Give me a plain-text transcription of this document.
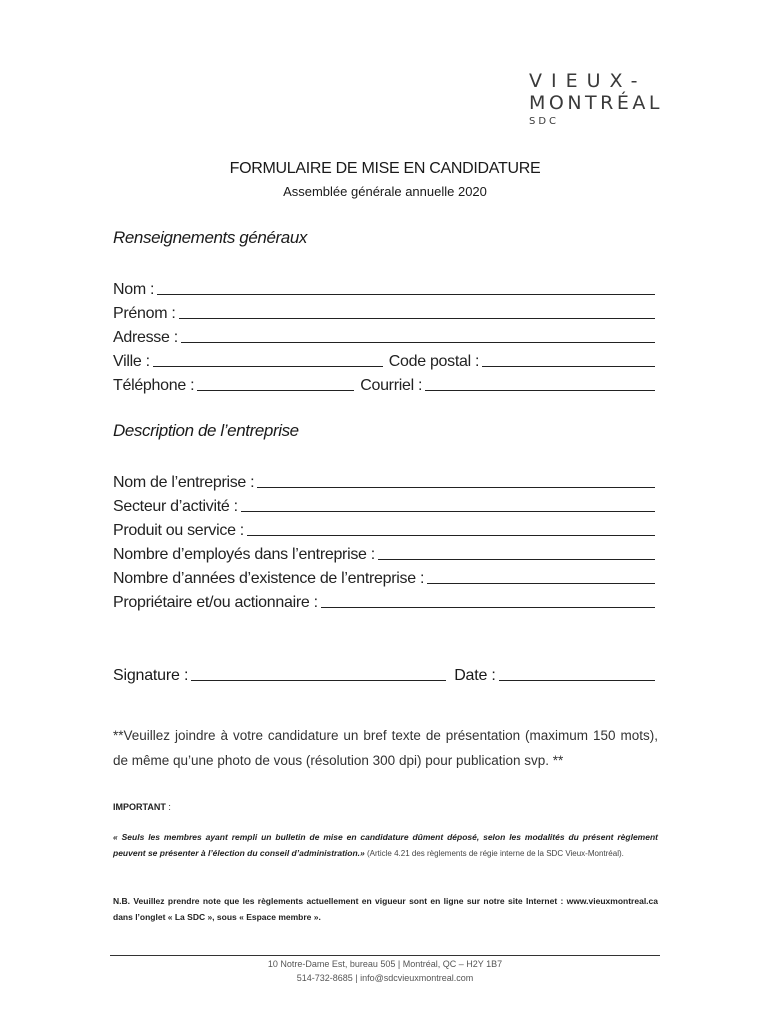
VIEUX-
MONTRÉAL
SDC
FORMULAIRE DE MISE EN CANDIDATURE
Assemblée générale annuelle 2020
Renseignements généraux
Nom :
Prénom :
Adresse :
Ville :	Code postal :
Téléphone :	Courriel :
Description de l’entreprise
Nom de l’entreprise :
Secteur d’activité :
Produit ou service :
Nombre d’employés dans l’entreprise :
Nombre d’années d’existence de l’entreprise :
Propriétaire et/ou actionnaire :
Signature :	Date :
**Veuillez joindre à votre candidature un bref texte de présentation (maximum 150 mots), de même qu’une photo de vous (résolution 300 dpi) pour publication svp. **
IMPORTANT :
« Seuls les membres ayant rempli un bulletin de mise en candidature dûment déposé, selon les modalités du présent règlement peuvent se présenter à l’élection du conseil d’administration.» (Article 4.21 des règlements de régie interne de la SDC Vieux-Montréal).
N.B. Veuillez prendre note que les règlements actuellement en vigueur sont en ligne sur notre site Internet : www.vieuxmontreal.ca dans l’onglet « La SDC », sous « Espace membre ».
10 Notre-Dame Est, bureau 505 | Montréal, QC – H2Y 1B7
514-732-8685 | info@sdcvieuxmontreal.com
